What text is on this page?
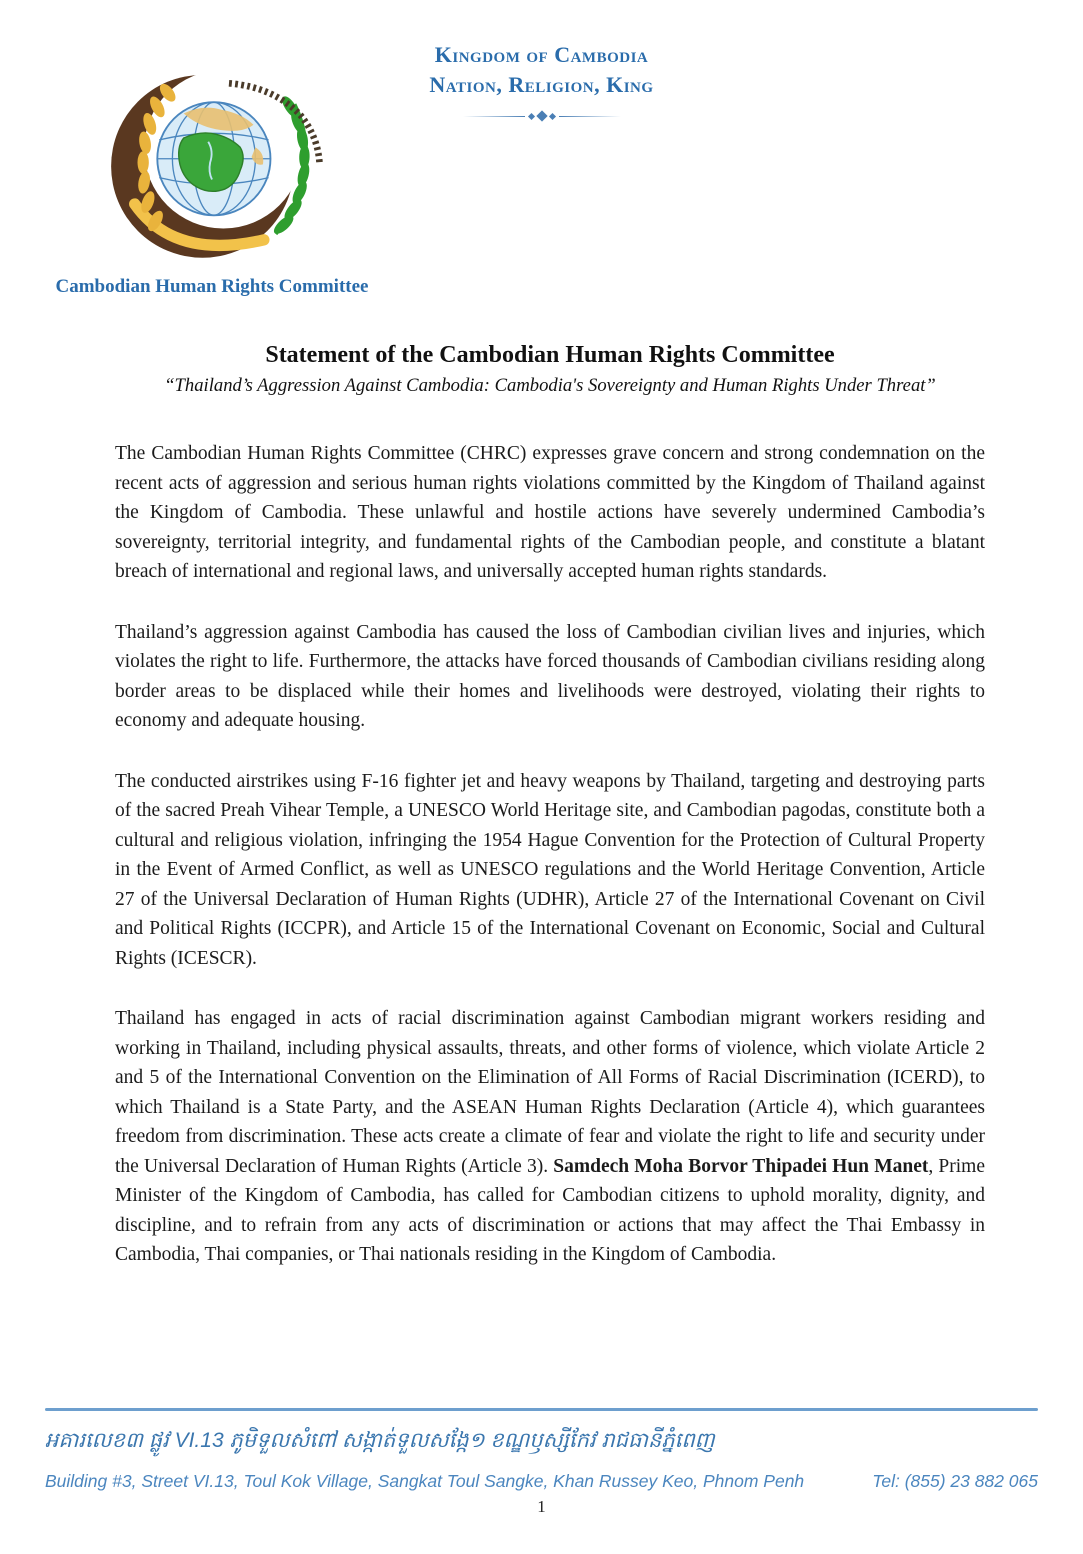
Kingdom of Cambodia
Nation, Religion, King
Cambodian Human Rights Committee
Statement of the Cambodian Human Rights Committee
“Thailand’s Aggression Against Cambodia: Cambodia's Sovereignty and Human Rights Under Threat”

The Cambodian Human Rights Committee (CHRC) expresses grave concern and strong condemnation on the recent acts of aggression and serious human rights violations committed by the Kingdom of Thailand against the Kingdom of Cambodia. These unlawful and hostile actions have severely undermined Cambodia’s sovereignty, territorial integrity, and fundamental rights of the Cambodian people, and constitute a blatant breach of international and regional laws, and universally accepted human rights standards.

Thailand’s aggression against Cambodia has caused the loss of Cambodian civilian lives and injuries, which violates the right to life. Furthermore, the attacks have forced thousands of Cambodian civilians residing along border areas to be displaced while their homes and livelihoods were destroyed, violating their rights to economy and adequate housing.

The conducted airstrikes using F-16 fighter jet and heavy weapons by Thailand, targeting and destroying parts of the sacred Preah Vihear Temple, a UNESCO World Heritage site, and Cambodian pagodas, constitute both a cultural and religious violation, infringing the 1954 Hague Convention for the Protection of Cultural Property in the Event of Armed Conflict, as well as UNESCO regulations and the World Heritage Convention, Article 27 of the Universal Declaration of Human Rights (UDHR), Article 27 of the International Covenant on Civil and Political Rights (ICCPR), and Article 15 of the International Covenant on Economic, Social and Cultural Rights (ICESCR).

Thailand has engaged in acts of racial discrimination against Cambodian migrant workers residing and working in Thailand, including physical assaults, threats, and other forms of violence, which violate Article 2 and 5 of the International Convention on the Elimination of All Forms of Racial Discrimination (ICERD), to which Thailand is a State Party, and the ASEAN Human Rights Declaration (Article 4), which guarantees freedom from discrimination. These acts create a climate of fear and violate the right to life and security under the Universal Declaration of Human Rights (Article 3). Samdech Moha Borvor Thipadei Hun Manet, Prime Minister of the Kingdom of Cambodia, has called for Cambodian citizens to uphold morality, dignity, and discipline, and to refrain from any acts of discrimination or actions that may affect the Thai Embassy in Cambodia, Thai companies, or Thai nationals residing in the Kingdom of Cambodia.

អគារលេខ៣ ផ្លូវ VI.13 ភូមិទួលសំពៅ សង្កាត់ទួលសង្កែ១ ខណ្ឌឫស្សីកែវ រាជធានីភ្នំពេញ
Building #3, Street VI.13, Toul Kok Village, Sangkat Toul Sangke, Khan Russey Keo, Phnom Penh	Tel: (855) 23 882 065
1
